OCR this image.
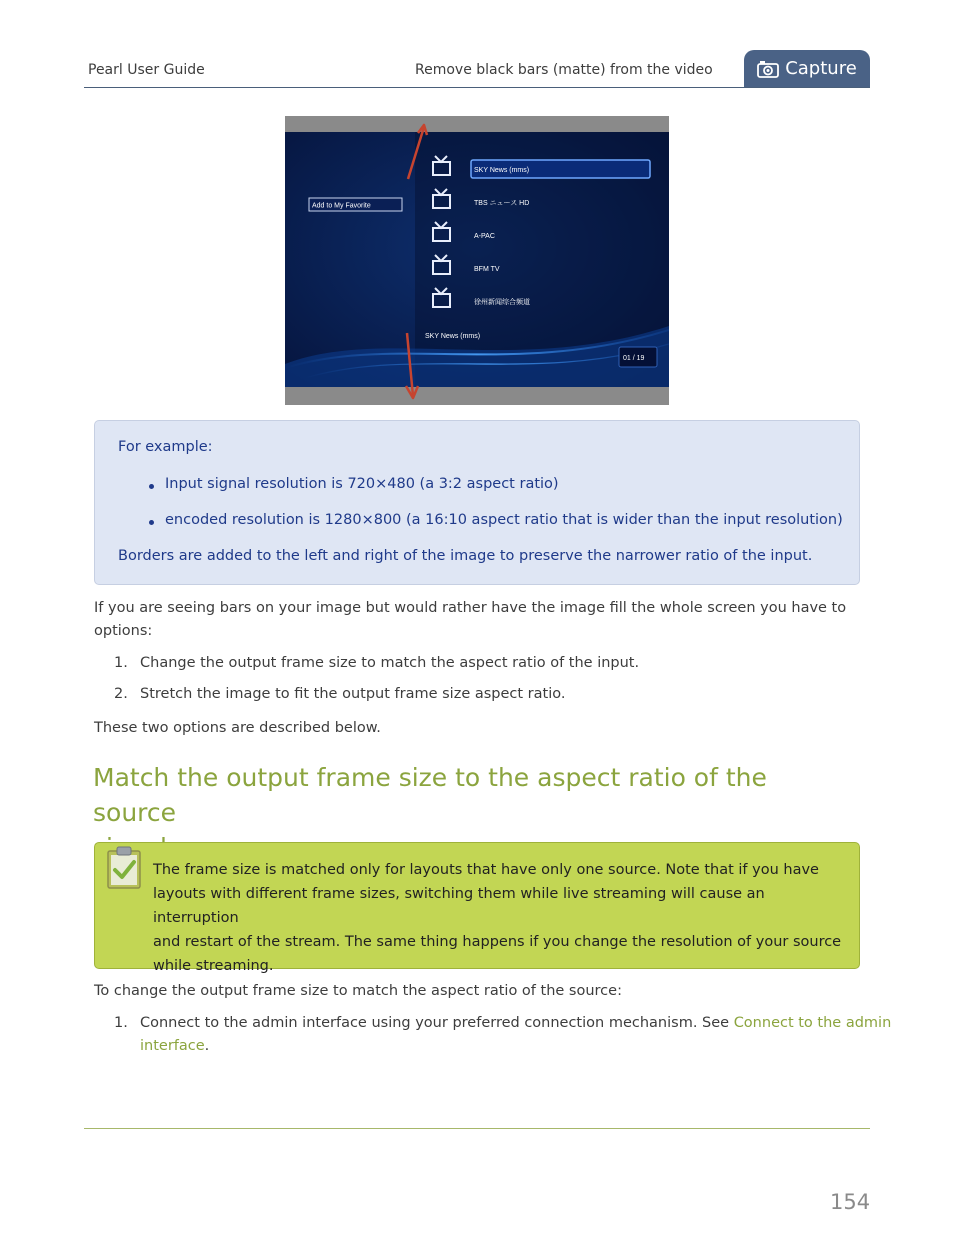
Pearl User Guide	Remove black bars (matte) from the video	Capture
Add to My Favorite
SKY News (mms)
TBS ニュース HD
A-PAC
BFM TV
徐州新闻综合频道
SKY News (mms)
01 / 19
For example:
Input signal resolution is 720×480 (a 3:2 aspect ratio)
encoded resolution is 1280×800 (a 16:10 aspect ratio that is wider than the input resolution)
Borders are added to the left and right of the image to preserve the narrower ratio of the input.
If you are seeing bars on your image but would rather have the image fill the whole screen you have to
options:
1. Change the output frame size to match the aspect ratio of the input.
2. Stretch the image to fit the output frame size aspect ratio.
These two options are described below.
Match the output frame size to the aspect ratio of the source
The frame size is matched only for layouts that have only one source. Note that if you have
layouts with different frame sizes, switching them while live streaming will cause an interruption
and restart of the stream. The same thing happens if you change the resolution of your source
while streaming.
To change the output frame size to match the aspect ratio of the source:
1. Connect to the admin interface using your preferred connection mechanism. See Connect to the admin
interface.
154
